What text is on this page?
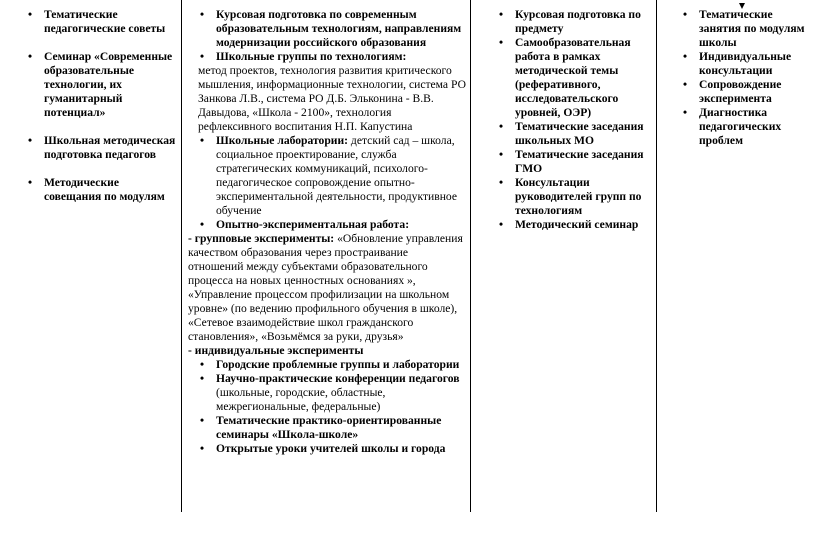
• Тематические педагогические советы
• Семинар «Современные образовательные технологии, их гуманитарный потенциал»
• Школьная методическая подготовка педагогов
• Методические совещания по модулям
• Курсовая подготовка по современным образовательным технологиям, направлениям модернизации российского образования
• Школьные группы по технологиям:
метод проектов, технология развития критического мышления, информационные технологии, система РО Занкова Л.В., система РО Д.Б. Эльконина - В.В. Давыдова, «Школа - 2100», технология рефлексивного воспитания Н.П. Капустина
• Школьные лаборатории: детский сад – школа, социальное проектирование, служба стратегических коммуникаций, психолого-педагогическое сопровождение опытно-экспериментальной деятельности, продуктивное обучение
• Опытно-экспериментальная работа:
- групповые эксперименты: «Обновление управления качеством образования через простраивание отношений между субъектами образовательного процесса на новых ценностных основаниях », «Управление процессом профилизации на школьном уровне» (по ведению профильного обучения в школе), «Сетевое взаимодействие школ гражданского становления», «Возьмёмся за руки, друзья»
- индивидуальные эксперименты
• Городские проблемные группы и лаборатории
• Научно-практические конференции педагогов (школьные, городские, областные, межрегиональные, федеральные)
• Тематические практико-ориентированные семинары «Школа-школе»
• Открытые уроки учителей школы и города
• Курсовая подготовка по предмету
• Самообразовательная работа в рамках методической темы (реферативного, исследовательского уровней, ОЭР)
• Тематические заседания школьных МО
• Тематические заседания ГМО
• Консультации руководителей групп по технологиям
• Методический семинар
• Тематические занятия по модулям школы
• Индивидуальные консультации
• Сопровождение эксперимента
• Диагностика педагогических проблем
